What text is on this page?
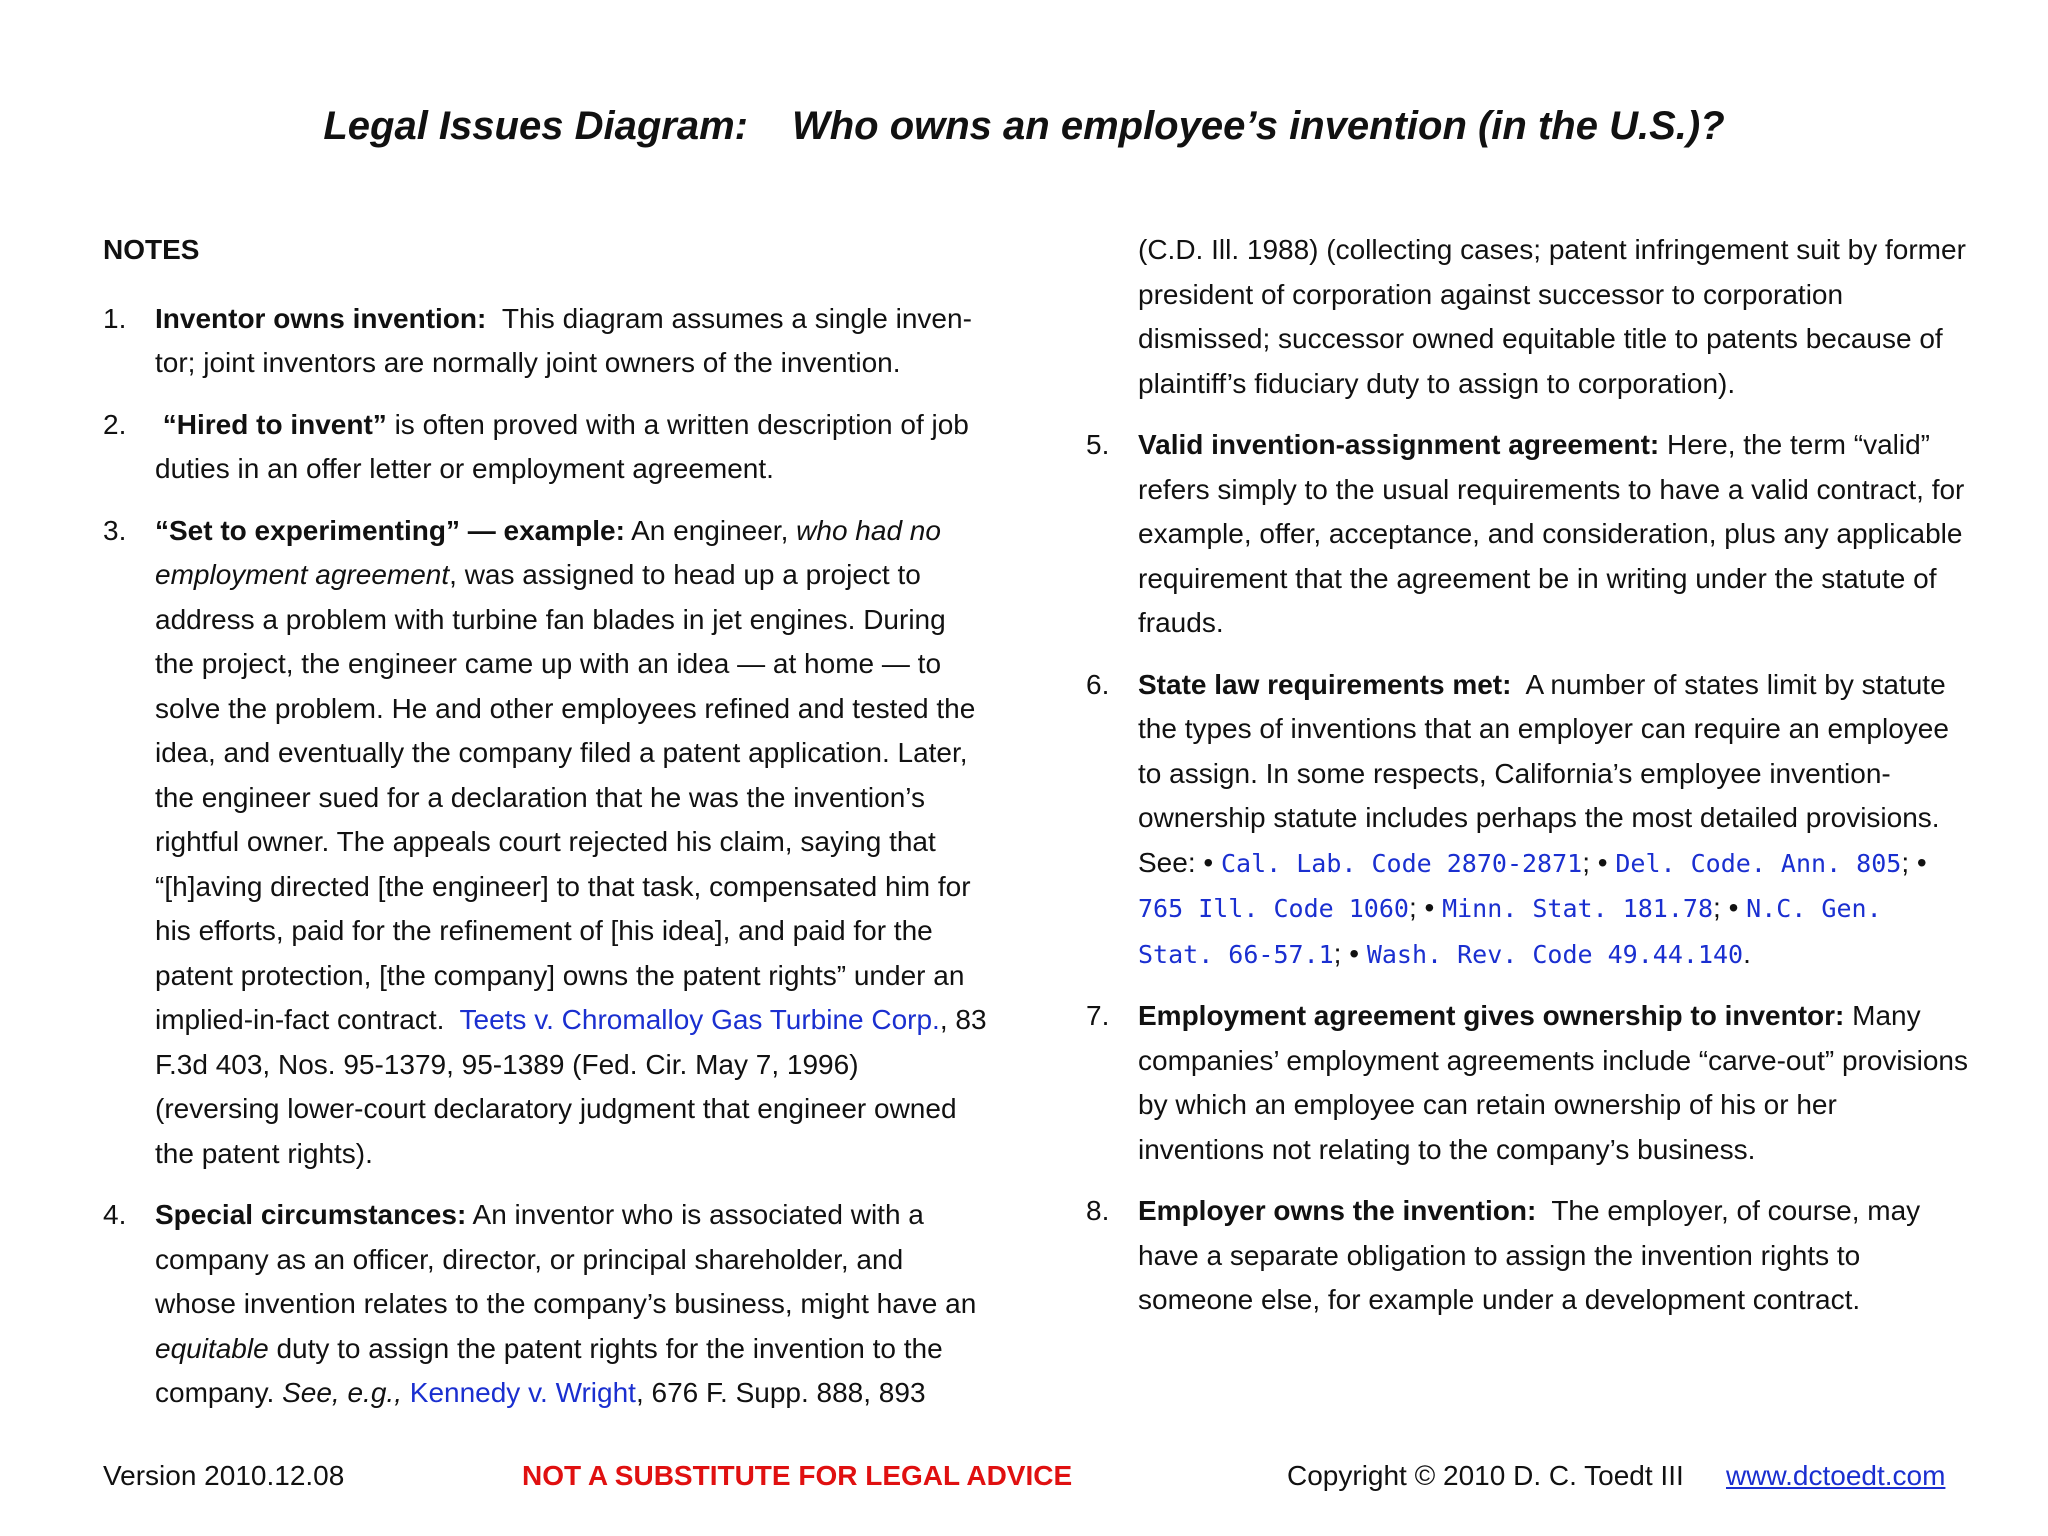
Legal Issues Diagram: Who owns an employee’s invention (in the U.S.)?
NOTES
1. Inventor owns invention: This diagram assumes a single inventor; joint inventors are normally joint owners of the invention.
2. “Hired to invent” is often proved with a written description of job duties in an offer letter or employment agreement.
3. “Set to experimenting” — example: An engineer, who had no employment agreement, was assigned to head up a project to address a problem with turbine fan blades in jet engines. During the project, the engineer came up with an idea — at home — to solve the problem. He and other employees refined and tested the idea, and eventually the company filed a patent application. Later, the engineer sued for a declaration that he was the invention’s rightful owner. The appeals court rejected his claim, saying that “[h]aving directed [the engineer] to that task, compensated him for his efforts, paid for the refinement of [his idea], and paid for the patent protection, [the company] owns the patent rights” under an implied-in-fact contract. Teets v. Chromalloy Gas Turbine Corp., 83 F.3d 403, Nos. 95-1379, 95-1389 (Fed. Cir. May 7, 1996) (reversing lower-court declaratory judgment that engineer owned the patent rights).
4. Special circumstances: An inventor who is associated with a company as an officer, director, or principal shareholder, and whose invention relates to the company’s business, might have an equitable duty to assign the patent rights for the invention to the company. See, e.g., Kennedy v. Wright, 676 F. Supp. 888, 893
(C.D. Ill. 1988) (collecting cases; patent infringement suit by former president of corporation against successor to corporation dismissed; successor owned equitable title to patents because of plaintiff’s fiduciary duty to assign to corporation).
5. Valid invention-assignment agreement: Here, the term “valid” refers simply to the usual requirements to have a valid contract, for example, offer, acceptance, and consideration, plus any applicable requirement that the agreement be in writing under the statute of frauds.
6. State law requirements met: A number of states limit by statute the types of inventions that an employer can require an employee to assign. In some respects, California’s employee invention-ownership statute includes perhaps the most detailed provisions. See: • Cal. Lab. Code 2870-2871; • Del. Code. Ann. 805; • 765 Ill. Code 1060; • Minn. Stat. 181.78; • N.C. Gen. Stat. 66-57.1; • Wash. Rev. Code 49.44.140.
7. Employment agreement gives ownership to inventor: Many companies’ employment agreements include “carve-out” provisions by which an employee can retain ownership of his or her inventions not relating to the company’s business.
8. Employer owns the invention: The employer, of course, may have a separate obligation to assign the invention rights to someone else, for example under a development contract.
Version 2010.12.08	NOT A SUBSTITUTE FOR LEGAL ADVICE	Copyright © 2010 D. C. Toedt III www.dctoedt.com
